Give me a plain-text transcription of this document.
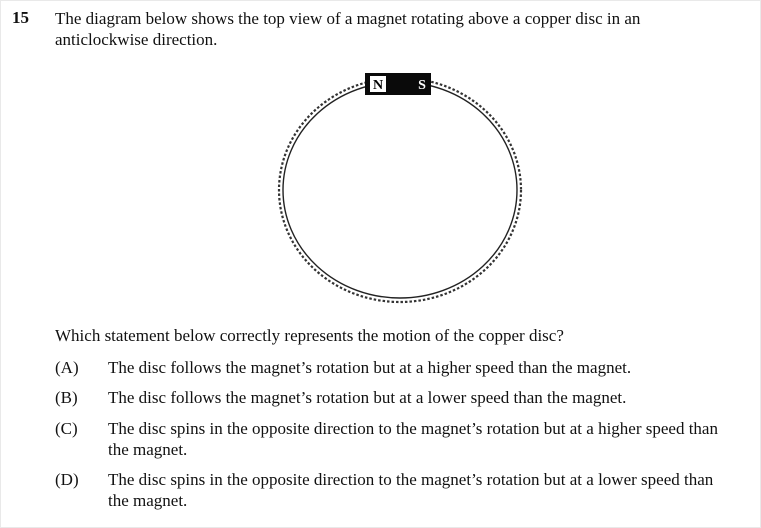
15 The diagram below shows the top view of a magnet rotating above a copper disc in an anticlockwise direction.
N	S
Which statement below correctly represents the motion of the copper disc?
(A)	The disc follows the magnet’s rotation but at a higher speed than the magnet.
(B)	The disc follows the magnet’s rotation but at a lower speed than the magnet.
(C)	The disc spins in the opposite direction to the magnet’s rotation but at a higher speed than the magnet.
(D)	The disc spins in the opposite direction to the magnet’s rotation but at a lower speed than the magnet.
